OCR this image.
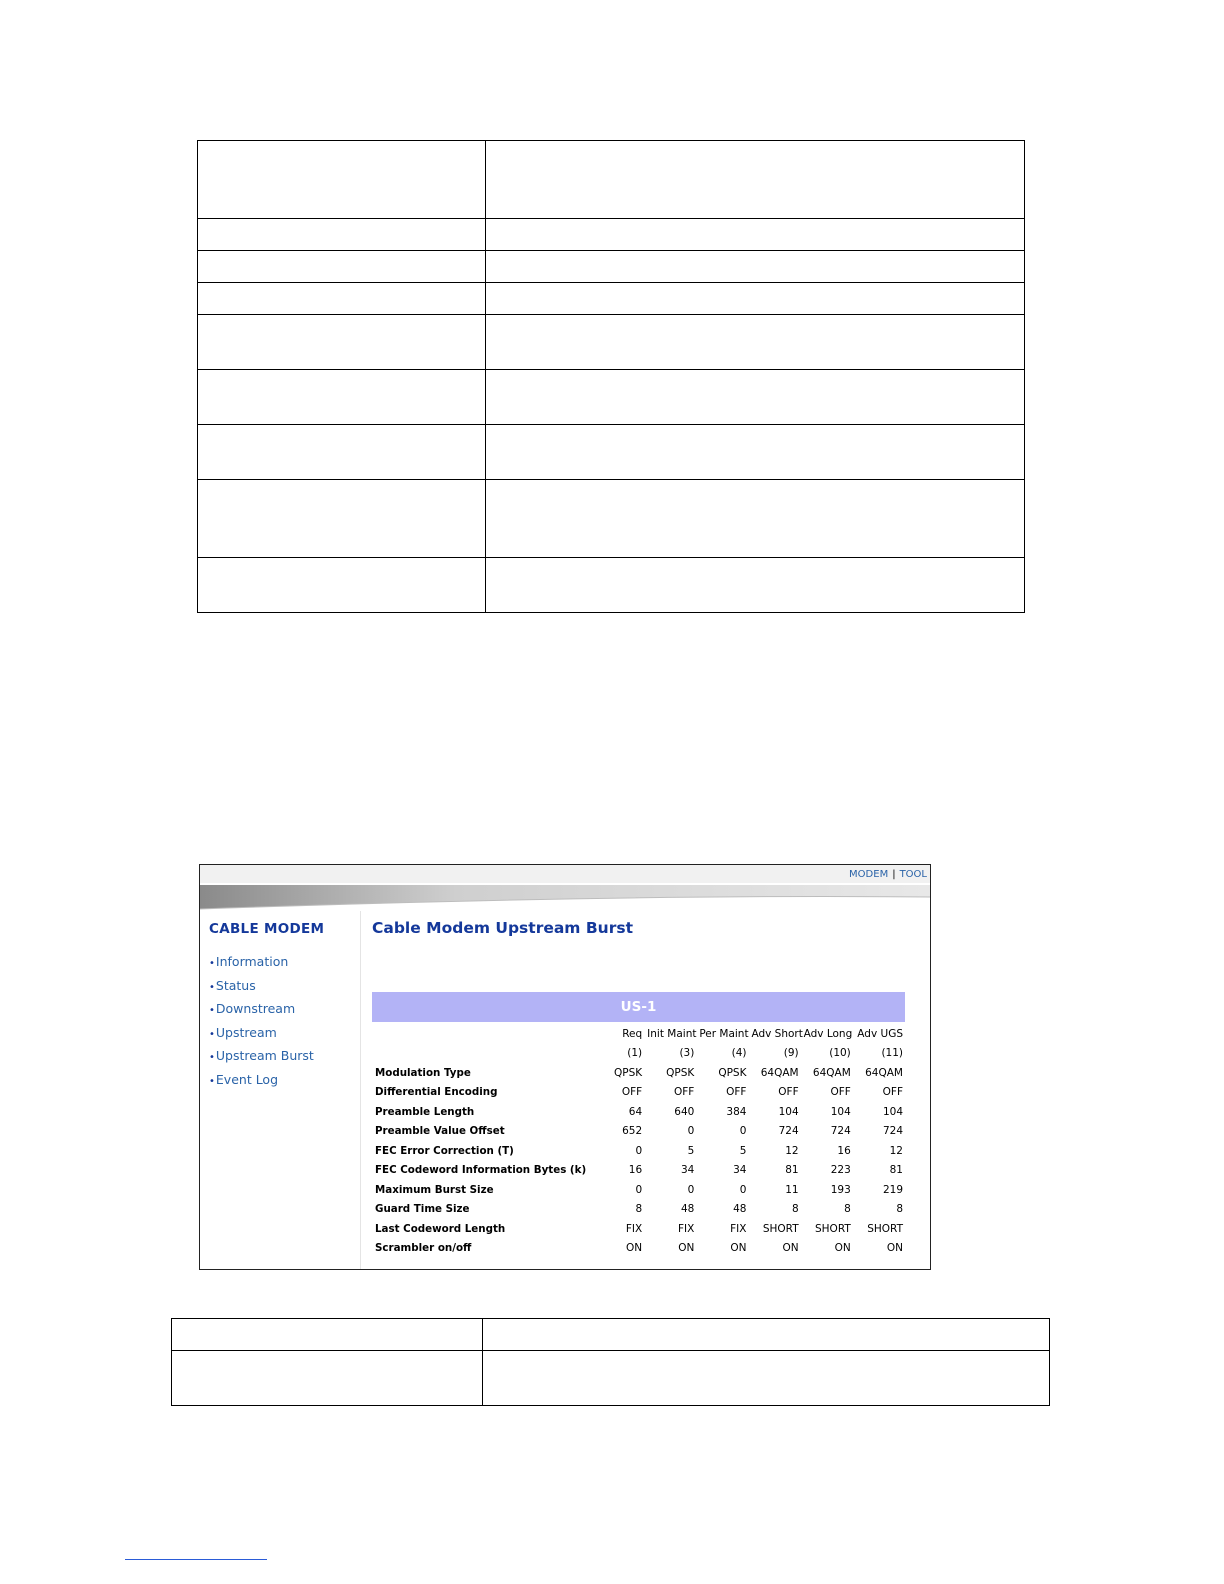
MODEM | TOOL
CABLE MODEM
•Information
•Status
•Downstream
•Upstream
•Upstream Burst
•Event Log
Cable Modem Upstream Burst
US-1
	Req	Init Maint	Per Maint	Adv Short	Adv Long	Adv UGS
	(1)	(3)	(4)	(9)	(10)	(11)
Modulation Type	QPSK	QPSK	QPSK	64QAM	64QAM	64QAM
Differential Encoding	OFF	OFF	OFF	OFF	OFF	OFF
Preamble Length	64	640	384	104	104	104
Preamble Value Offset	652	0	0	724	724	724
FEC Error Correction (T)	0	5	5	12	16	12
FEC Codeword Information Bytes (k)	16	34	34	81	223	81
Maximum Burst Size	0	0	0	11	193	219
Guard Time Size	8	48	48	8	8	8
Last Codeword Length	FIX	FIX	FIX	SHORT	SHORT	SHORT
Scrambler on/off	ON	ON	ON	ON	ON	ON
